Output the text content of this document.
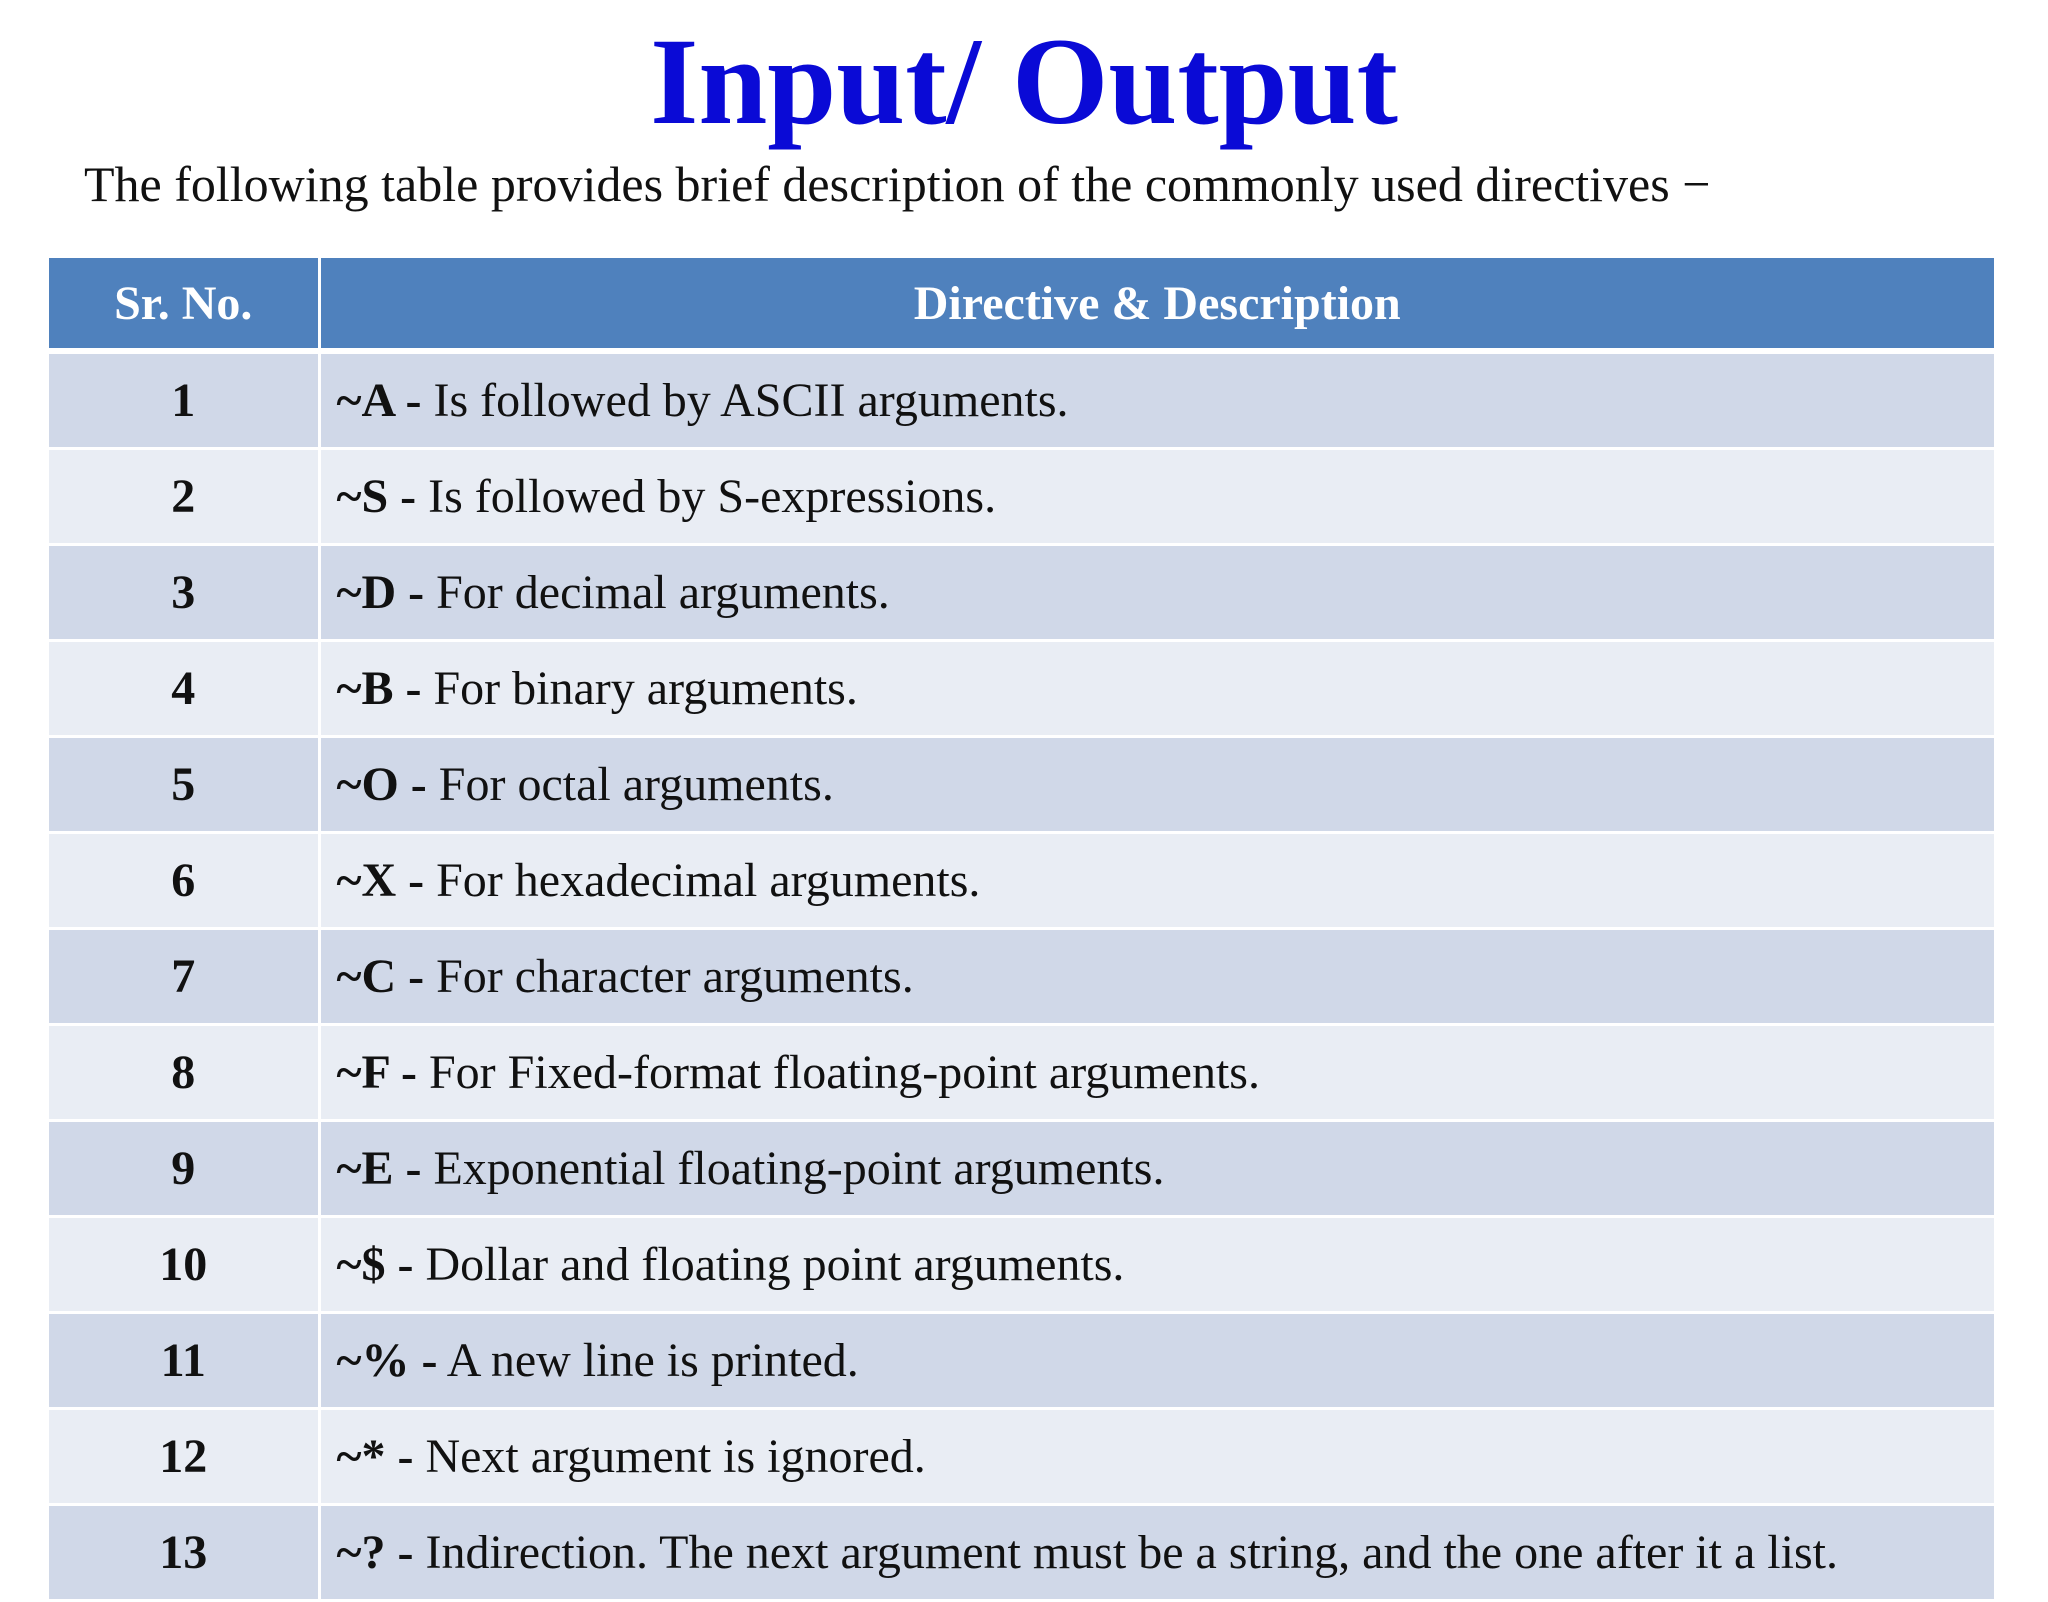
Input/ Output

The following table provides brief description of the commonly used directives −

Sr. No.	Directive & Description
1	~A - Is followed by ASCII arguments.
2	~S - Is followed by S-expressions.
3	~D - For decimal arguments.
4	~B - For binary arguments.
5	~O - For octal arguments.
6	~X - For hexadecimal arguments.
7	~C - For character arguments.
8	~F - For Fixed-format floating-point arguments.
9	~E - Exponential floating-point arguments.
10	~$ - Dollar and floating point arguments.
11	~% - A new line is printed.
12	~* - Next argument is ignored.
13	~? - Indirection. The next argument must be a string, and the one after it a list.
